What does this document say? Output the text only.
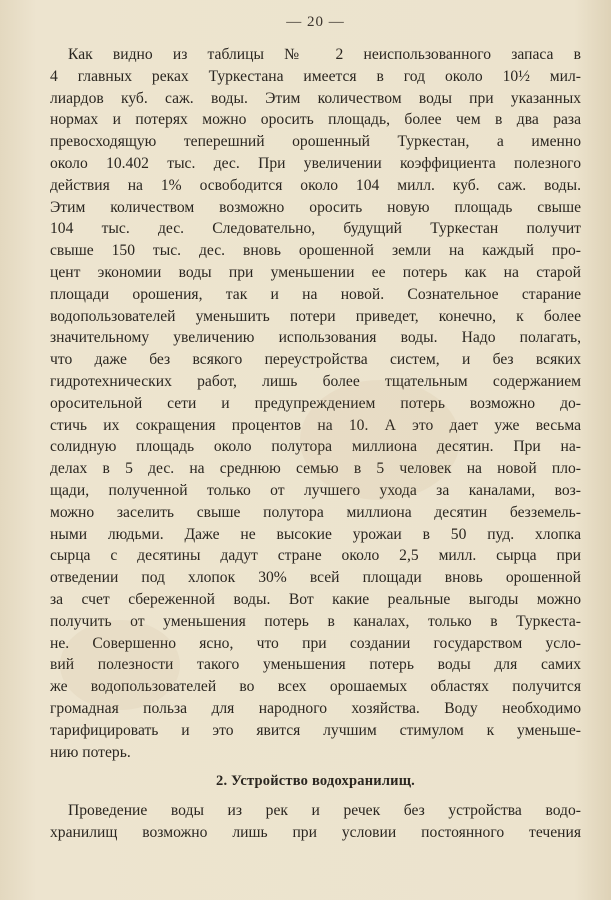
— 20 —
Как видно из таблицы № 2 неиспользованного запаса в
4 главных реках Туркестана имеется в год около 10½ мил-
лиардов куб. саж. воды. Этим количеством воды при указанных
нормах и потерях можно оросить площадь, более чем в два раза
превосходящую теперешний орошенный Туркестан, а именно
около 10.402 тыс. дес. При увеличении коэффициента полезного
действия на 1% освободится около 104 милл. куб. саж. воды.
Этим количеством возможно оросить новую площадь свыше
104 тыс. дес. Следовательно, будущий Туркестан получит
свыше 150 тыс. дес. вновь орошенной земли на каждый про-
цент экономии воды при уменьшении ее потерь как на старой
площади орошения, так и на новой. Сознательное старание
водопользователей уменьшить потери приведет, конечно, к более
значительному увеличению использования воды. Надо полагать,
что даже без всякого переустройства систем, и без всяких
гидротехнических работ, лишь более тщательным содержанием
оросительной сети и предупреждением потерь возможно до-
стичь их сокращения процентов на 10. А это дает уже весьма
солидную площадь около полутора миллиона десятин. При на-
делах в 5 дес. на среднюю семью в 5 человек на новой пло-
щади, полученной только от лучшего ухода за каналами, воз-
можно заселить свыше полутора миллиона десятин безземель-
ными людьми. Даже не высокие урожаи в 50 пуд. хлопка
сырца с десятины дадут стране около 2,5 милл. сырца при
отведении под хлопок 30% всей площади вновь орошенной
за счет сбереженной воды. Вот какие реальные выгоды можно
получить от уменьшения потерь в каналах, только в Туркеста-
не. Совершенно ясно, что при создании государством усло-
вий полезности такого уменьшения потерь воды для самих
же водопользователей во всех орошаемых областях получится
громадная польза для народного хозяйства. Воду необходимо
тарифицировать и это явится лучшим стимулом к уменьше-
нию потерь.
2. Устройство водохранилищ.
Проведение воды из рек и речек без устройства водо-
хранилищ возможно лишь при условии постоянного течения
